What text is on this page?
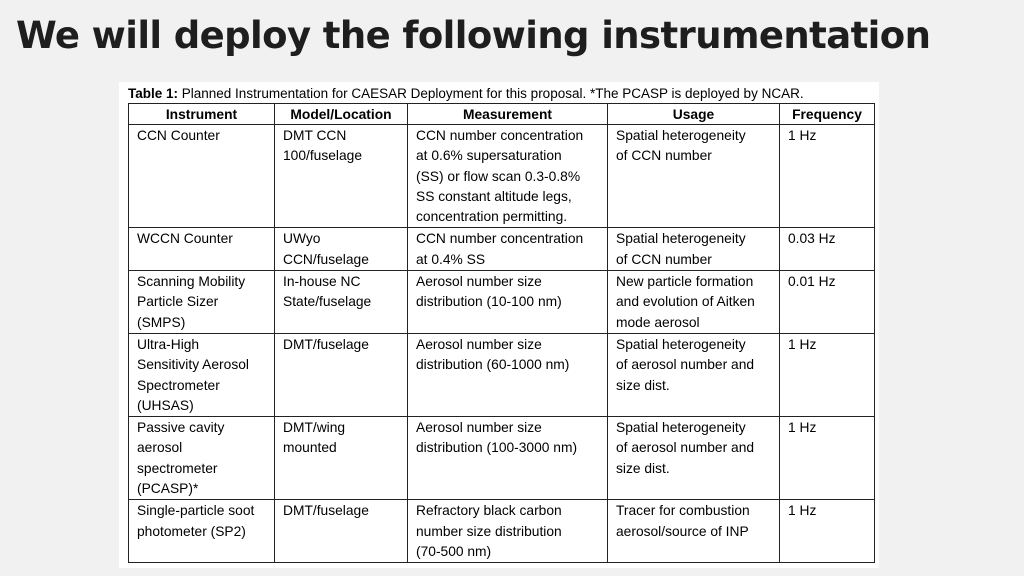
We will deploy the following instrumentation
Table 1: Planned Instrumentation for CAESAR Deployment for this proposal. *The PCASP is deployed by NCAR.
Instrument	Model/Location	Measurement	Usage	Frequency
CCN Counter	DMT CCN
100/fuselage	CCN number concentration
at 0.6% supersaturation
(SS) or flow scan 0.3-0.8%
SS constant altitude legs,
concentration permitting.	Spatial heterogeneity
of CCN number	1 Hz
WCCN Counter	UWyo
CCN/fuselage	CCN number concentration
at 0.4% SS	Spatial heterogeneity
of CCN number	0.03 Hz
Scanning Mobility
Particle Sizer
(SMPS)	In-house NC
State/fuselage	Aerosol number size
distribution (10-100 nm)	New particle formation
and evolution of Aitken
mode aerosol	0.01 Hz
Ultra-High
Sensitivity Aerosol
Spectrometer
(UHSAS)	DMT/fuselage	Aerosol number size
distribution (60-1000 nm)	Spatial heterogeneity
of aerosol number and
size dist.	1 Hz
Passive cavity
aerosol
spectrometer
(PCASP)*	DMT/wing
mounted	Aerosol number size
distribution (100-3000 nm)	Spatial heterogeneity
of aerosol number and
size dist.	1 Hz
Single-particle soot
photometer (SP2)	DMT/fuselage	Refractory black carbon
number size distribution
(70-500 nm)	Tracer for combustion
aerosol/source of INP	1 Hz
